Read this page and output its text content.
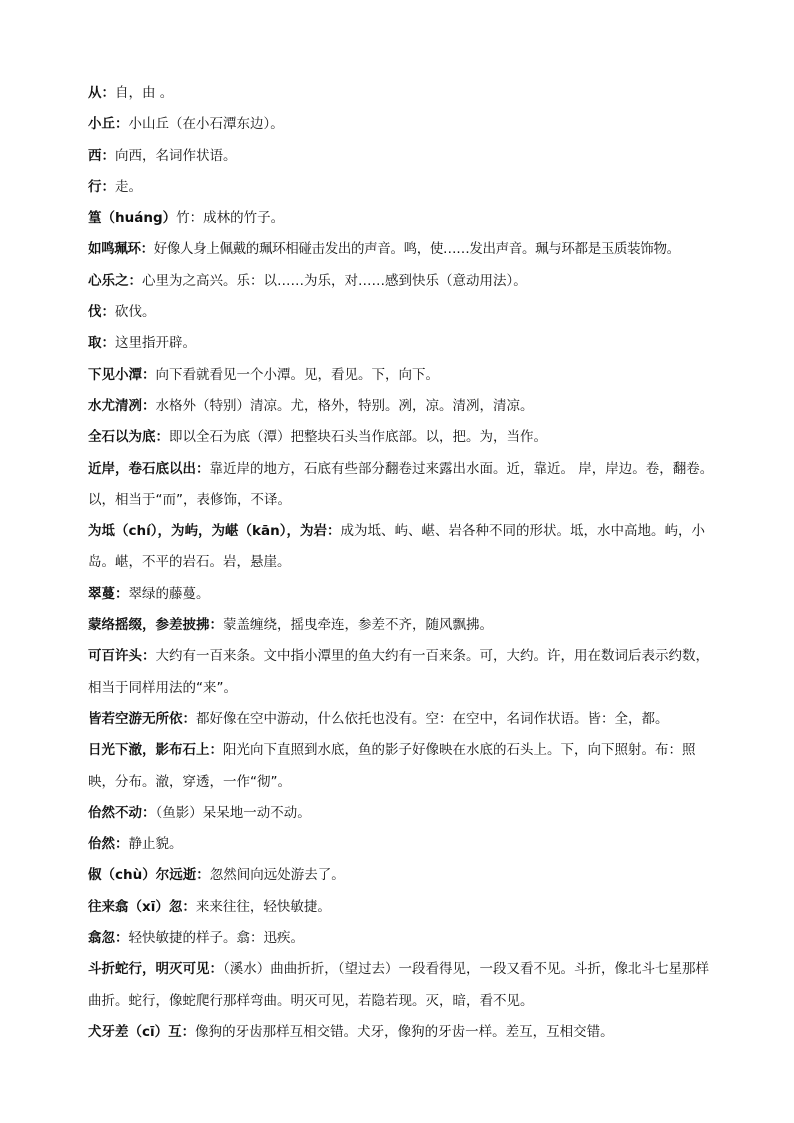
从：自，由 。

小丘：小山丘（在小石潭东边）。

西：向西，名词作状语。

行：走。

篁（huáng）竹：成林的竹子。

如鸣珮环：好像人身上佩戴的珮环相碰击发出的声音。鸣，使……发出声音。珮与环都是玉质装饰物。

心乐之：心里为之高兴。乐：以……为乐，对……感到快乐（意动用法）。

伐：砍伐。

取：这里指开辟。

下见小潭：向下看就看见一个小潭。见，看见。下，向下。

水尤清冽：水格外（特别）清凉。尤，格外，特别。冽，凉。清冽，清凉。

全石以为底：即以全石为底（潭）把整块石头当作底部。以，把。为，当作。

近岸，卷石底以出：靠近岸的地方，石底有些部分翻卷过来露出水面。近，靠近。 岸，岸边。卷，翻卷。以，相当于“而”，表修饰，不译。

为坻（chí），为屿，为嵁（kān），为岩：成为坻、屿、嵁、岩各种不同的形状。坻，水中高地。屿，小岛。嵁，不平的岩石。岩，悬崖。

翠蔓：翠绿的藤蔓。

蒙络摇缀，参差披拂：蒙盖缠绕，摇曳牵连，参差不齐，随风飘拂。

可百许头：大约有一百来条。文中指小潭里的鱼大约有一百来条。可，大约。许，用在数词后表示约数，相当于同样用法的“来”。

皆若空游无所依：都好像在空中游动，什么依托也没有。空：在空中，名词作状语。皆：全，都。

日光下澈，影布石上：阳光向下直照到水底，鱼的影子好像映在水底的石头上。下，向下照射。布：照映，分布。澈，穿透，一作“彻”。

佁然不动：（鱼影）呆呆地一动不动。

佁然：静止貌。

俶（chù）尔远逝：忽然间向远处游去了。

往来翕（xī）忽：来来往往，轻快敏捷。

翕忽：轻快敏捷的样子。翕：迅疾。

斗折蛇行，明灭可见：（溪水）曲曲折折，（望过去）一段看得见，一段又看不见。斗折，像北斗七星那样曲折。蛇行，像蛇爬行那样弯曲。明灭可见，若隐若现。灭，暗，看不见。

犬牙差（cī）互：像狗的牙齿那样互相交错。犬牙，像狗的牙齿一样。差互，互相交错。
